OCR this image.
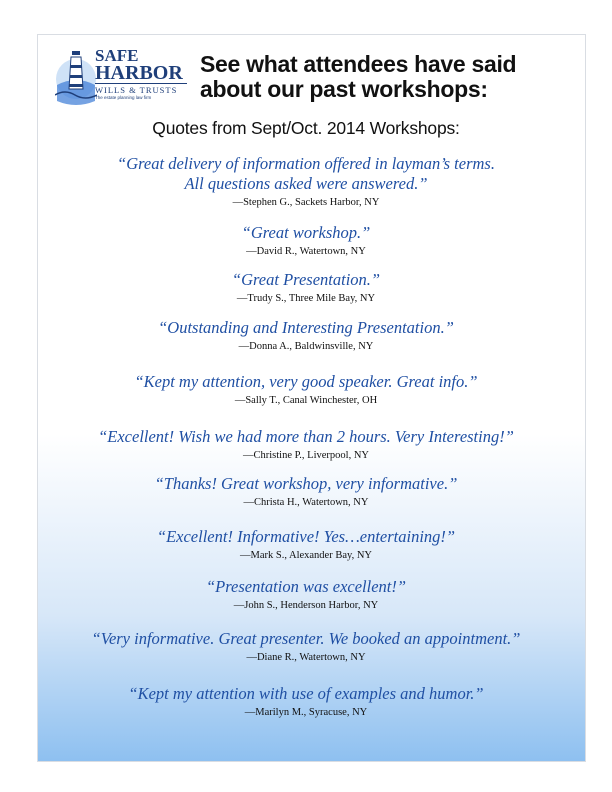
SAFE
HARBOR
WILLS & TRUSTS
The estate planning law firm
See what attendees have said
about our past workshops:
Quotes from Sept/Oct. 2014 Workshops:
“Great delivery of information offered in layman’s terms.
All questions asked were answered.”
—Stephen G., Sackets Harbor, NY
“Great workshop.”
—David R., Watertown, NY
“Great Presentation.”
—Trudy S., Three Mile Bay, NY
“Outstanding and Interesting Presentation.”
—Donna A., Baldwinsville, NY
“Kept my attention, very good speaker. Great info.”
—Sally T., Canal Winchester, OH
“Excellent! Wish we had more than 2 hours. Very Interesting!”
—Christine P., Liverpool, NY
“Thanks! Great workshop, very informative.”
—Christa H., Watertown, NY
“Excellent! Informative! Yes…entertaining!”
—Mark S., Alexander Bay, NY
“Presentation was excellent!”
—John S., Henderson Harbor, NY
“Very informative. Great presenter. We booked an appointment.”
—Diane R., Watertown, NY
“Kept my attention with use of examples and humor.”
—Marilyn M., Syracuse, NY
